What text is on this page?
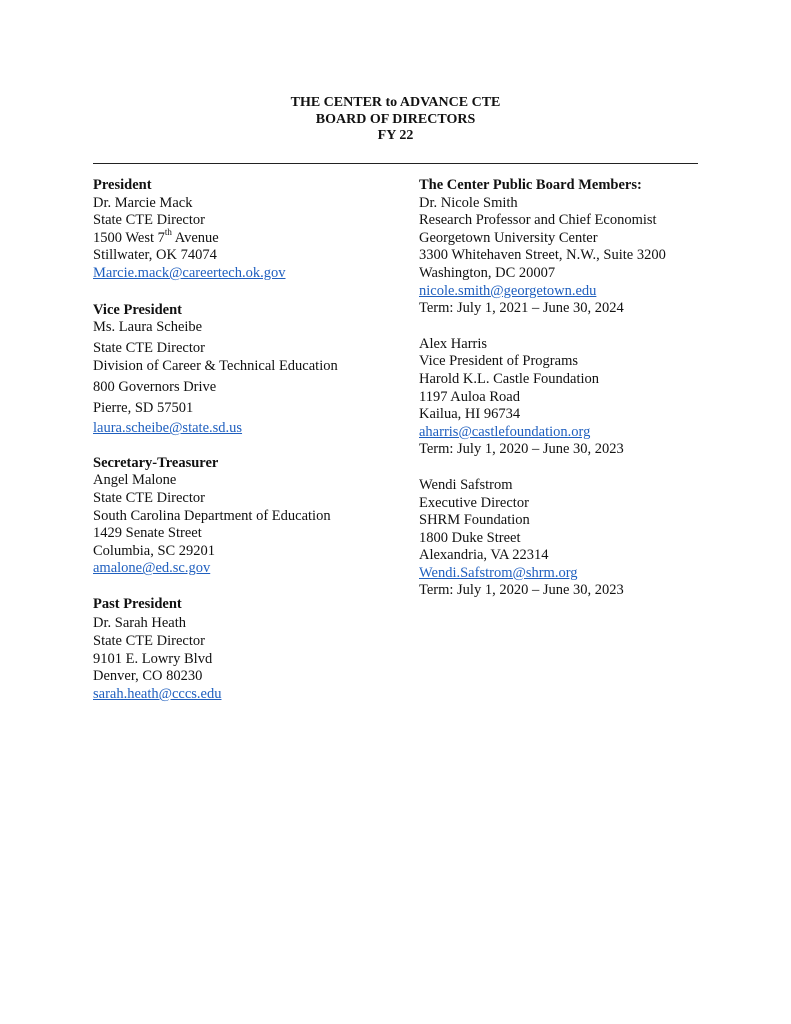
THE CENTER to ADVANCE CTE
BOARD OF DIRECTORS
FY 22
President
Dr. Marcie Mack
State CTE Director
1500 West 7th Avenue
Stillwater, OK 74074
Marcie.mack@careertech.ok.gov
Vice President
Ms. Laura Scheibe
State CTE Director
Division of Career & Technical Education
800 Governors Drive
Pierre, SD 57501
laura.scheibe@state.sd.us
Secretary-Treasurer
Angel Malone
State CTE Director
South Carolina Department of Education
1429 Senate Street
Columbia, SC 29201
amalone@ed.sc.gov
Past President
Dr. Sarah Heath
State CTE Director
9101 E. Lowry Blvd
Denver, CO 80230
sarah.heath@cccs.edu
The Center Public Board Members:
Dr. Nicole Smith
Research Professor and Chief Economist
Georgetown University Center
3300 Whitehaven Street, N.W., Suite 3200
Washington, DC 20007
nicole.smith@georgetown.edu
Term: July 1, 2021 – June 30, 2024
Alex Harris
Vice President of Programs
Harold K.L. Castle Foundation
1197 Auloa Road
Kailua, HI 96734
aharris@castlefoundation.org
Term: July 1, 2020 – June 30, 2023
Wendi Safstrom
Executive Director
SHRM Foundation
1800 Duke Street
Alexandria, VA 22314
Wendi.Safstrom@shrm.org
Term: July 1, 2020 – June 30, 2023
